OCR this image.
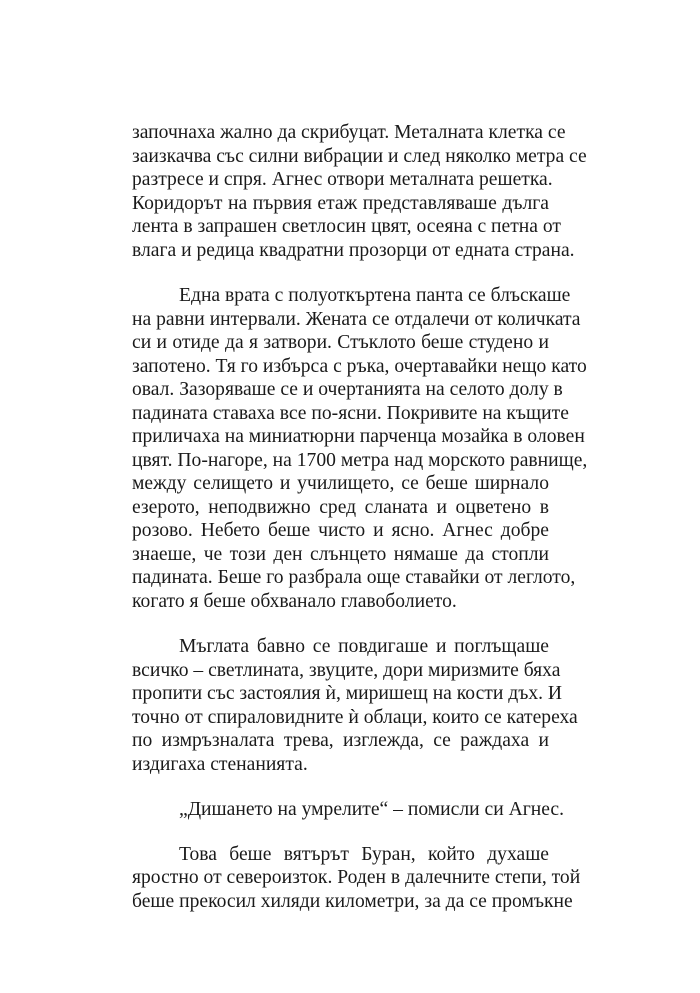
започнаха жално да скрибуцат. Металната клетка се
заизкачва със силни вибрации и след няколко метра се
разтресе и спря. Агнес отвори металната решетка.
Коридорът на първия етаж представляваше дълга
лента в запрашен светлосин цвят, осеяна с петна от
влага и редица квадратни прозорци от едната страна.

Една врата с полуоткъртена панта се блъскаше
на равни интервали. Жената се отдалечи от количката
си и отиде да я затвори. Стъклото беше студено и
запотено. Тя го избърса с ръка, очертавайки нещо като
овал. Зазоряваше се и очертанията на селото долу в
падината ставаха все по-ясни. Покривите на къщите
приличаха на миниатюрни парченца мозайка в оловен
цвят. По-нагоре, на 1700 метра над морското равнище,
между селището и училището, се беше ширнало
езерото, неподвижно сред сланата и оцветено в
розово. Небето беше чисто и ясно. Агнес добре
знаеше, че този ден слънцето нямаше да стопли
падината. Беше го разбрала още ставайки от леглото,
когато я беше обхванало главоболието.

Мъглата бавно се повдигаше и поглъщаше
всичко – светлината, звуците, дори миризмите бяха
пропити със застоялия ѝ, миришещ на кости дъх. И
точно от спираловидните ѝ облаци, които се катереха
по измръзналата трева, изглежда, се раждаха и
издигаха стенанията.

„Дишането на умрелите“ – помисли си Агнес.

Това беше вятърът Буран, който духаше
яростно от североизток. Роден в далечните степи, той
беше прекосил хиляди километри, за да се промъкне
